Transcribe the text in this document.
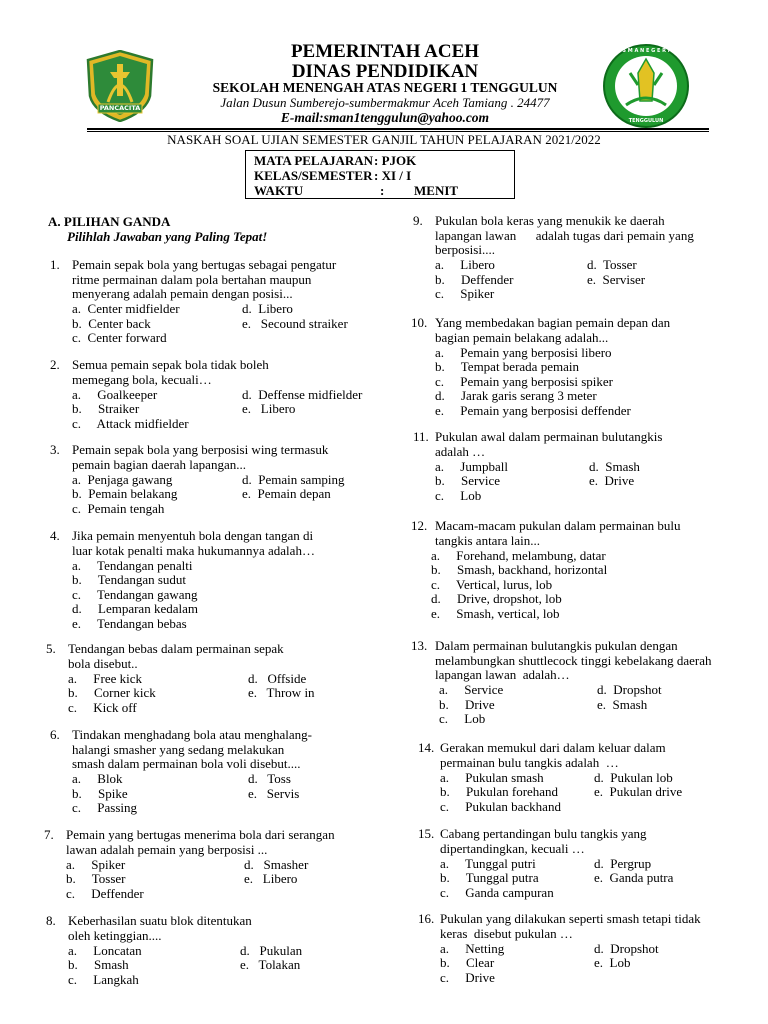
PANCACITA
S M A N E G E R I
TENGGULUN
PEMERINTAH ACEH
DINAS PENDIDIKAN
SEKOLAH MENENGAH ATAS NEGERI 1 TENGGULUN
Jalan Dusun Sumberejo-sumbermakmur Aceh Tamiang . 24477
E-mail:sman1tenggulun@yahoo.com
NASKAH SOAL UJIAN SEMESTER GANJIL TAHUN PELAJARAN 2021/2022
MATA PELAJARAN : PJOK
KELAS/SEMESTER : XI / I
WAKTU	:	MENIT
A. PILIHAN GANDA
Pilihlah Jawaban yang Paling Tepat!
1. Pemain sepak bola yang bertugas sebagai pengatur
ritme permainan dalam pola bertahan maupun
menyerang adalah pemain dengan posisi...
a.  Center midfielder
b.  Center back
c.  Center forward
d.  Libero
e.   Secound straiker
2. Semua pemain sepak bola tidak boleh
memegang bola, kecuali…
a.     Goalkeeper
b.     Straiker
c.     Attack midfielder
d.  Deffense midfielder
e.   Libero
3. Pemain sepak bola yang berposisi wing termasuk
pemain bagian daerah lapangan...
a.  Penjaga gawang
b.  Pemain belakang
c.  Pemain tengah
d.  Pemain samping
e.  Pemain depan
4. Jika pemain menyentuh bola dengan tangan di
luar kotak penalti maka hukumannya adalah…
a.     Tendangan penalti
b.     Tendangan sudut
c.     Tendangan gawang
d.     Lemparan kedalam
e.     Tendangan bebas
5. Tendangan bebas dalam permainan sepak
bola disebut..
a.     Free kick
b.     Corner kick
c.     Kick off
d.   Offside
e.   Throw in
6. Tindakan menghadang bola atau menghalang-
halangi smasher yang sedang melakukan
smash dalam permainan bola voli disebut....
a.     Blok
b.     Spike
c.     Passing
d.   Toss
e.   Servis
7. Pemain yang bertugas menerima bola dari serangan
lawan adalah pemain yang berposisi ...
a.     Spiker
b.     Tosser
c.     Deffender
d.   Smasher
e.   Libero
8. Keberhasilan suatu blok ditentukan
oleh ketinggian....
a.     Loncatan
b.     Smash
c.     Langkah
d.   Pukulan
e.   Tolakan
9. Pukulan bola keras yang menukik ke daerah
lapangan lawan      adalah tugas dari pemain yang
berposisi....
a.     Libero
b.     Deffender
c.     Spiker
d.  Tosser
e.  Serviser
10. Yang membedakan bagian pemain depan dan
bagian pemain belakang adalah...
a.     Pemain yang berposisi libero
b.     Tempat berada pemain
c.     Pemain yang berposisi spiker
d.     Jarak garis serang 3 meter
e.     Pemain yang berposisi deffender
11. Pukulan awal dalam permainan bulutangkis
adalah …
a.     Jumpball
b.     Service
c.     Lob
d.  Smash
e.  Drive
12. Macam-macam pukulan dalam permainan bulu
tangkis antara lain...
a.     Forehand, melambung, datar
b.     Smash, backhand, horizontal
c.     Vertical, lurus, lob
d.     Drive, dropshot, lob
e.     Smash, vertical, lob
13. Dalam permainan bulutangkis pukulan dengan
melambungkan shuttlecock tinggi kebelakang daerah
lapangan lawan  adalah…
a.     Service
b.     Drive
c.     Lob
d.  Dropshot
e.  Smash
14. Gerakan memukul dari dalam keluar dalam
permainan bulu tangkis adalah  …
a.     Pukulan smash
b.     Pukulan forehand
c.     Pukulan backhand
d.  Pukulan lob
e.  Pukulan drive
15. Cabang pertandingan bulu tangkis yang
dipertandingkan, kecuali …
a.     Tunggal putri
b.     Tunggal putra
c.     Ganda campuran
d.  Pergrup
e.  Ganda putra
16. Pukulan yang dilakukan seperti smash tetapi tidak
keras  disebut pukulan …
a.     Netting
b.     Clear
c.     Drive
d.  Dropshot
e.  Lob
